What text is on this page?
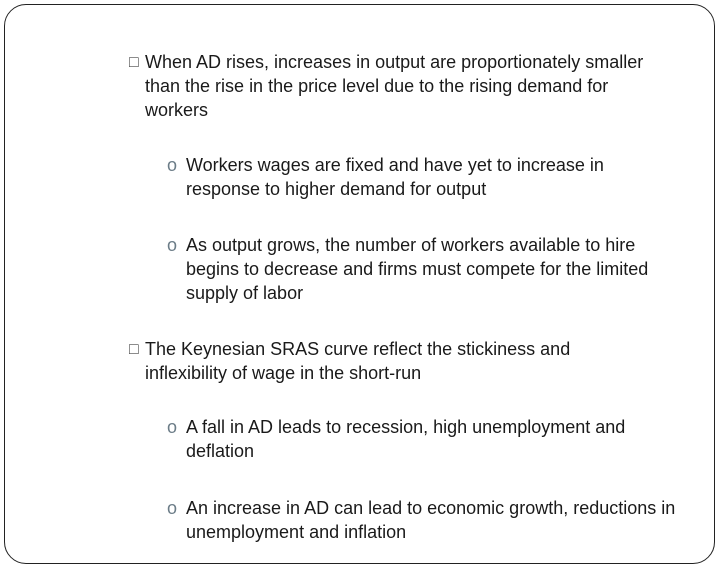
□ When AD rises, increases in output are proportionately smaller than the rise in the price level due to the rising demand for workers

o Workers wages are fixed and have yet to increase in response to higher demand for output

o As output grows, the number of workers available to hire begins to decrease and firms must compete for the limited supply of labor

□ The Keynesian SRAS curve reflect the stickiness and inflexibility of wage in the short-run

o A fall in AD leads to recession, high unemployment and deflation

o An increase in AD can lead to economic growth, reductions in unemployment and inflation
